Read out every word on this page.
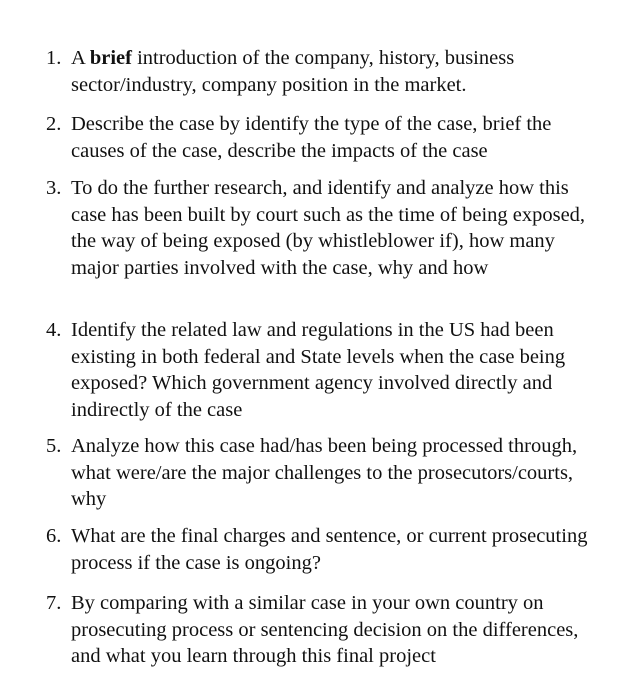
1. A brief introduction of the company, history, business sector/industry, company position in the market.
2. Describe the case by identify the type of the case, brief the causes of the case, describe the impacts of the case
3. To do the further research, and identify and analyze how this case has been built by court such as the time of being exposed, the way of being exposed (by whistleblower if), how many major parties involved with the case, why and how
4. Identify the related law and regulations in the US had been existing in both federal and State levels when the case being exposed? Which government agency involved directly and indirectly of the case
5. Analyze how this case had/has been being processed through, what were/are the major challenges to the prosecutors/courts, why
6. What are the final charges and sentence, or current prosecuting process if the case is ongoing?
7. By comparing with a similar case in your own country on prosecuting process or sentencing decision on the differences, and what you learn through this final project
